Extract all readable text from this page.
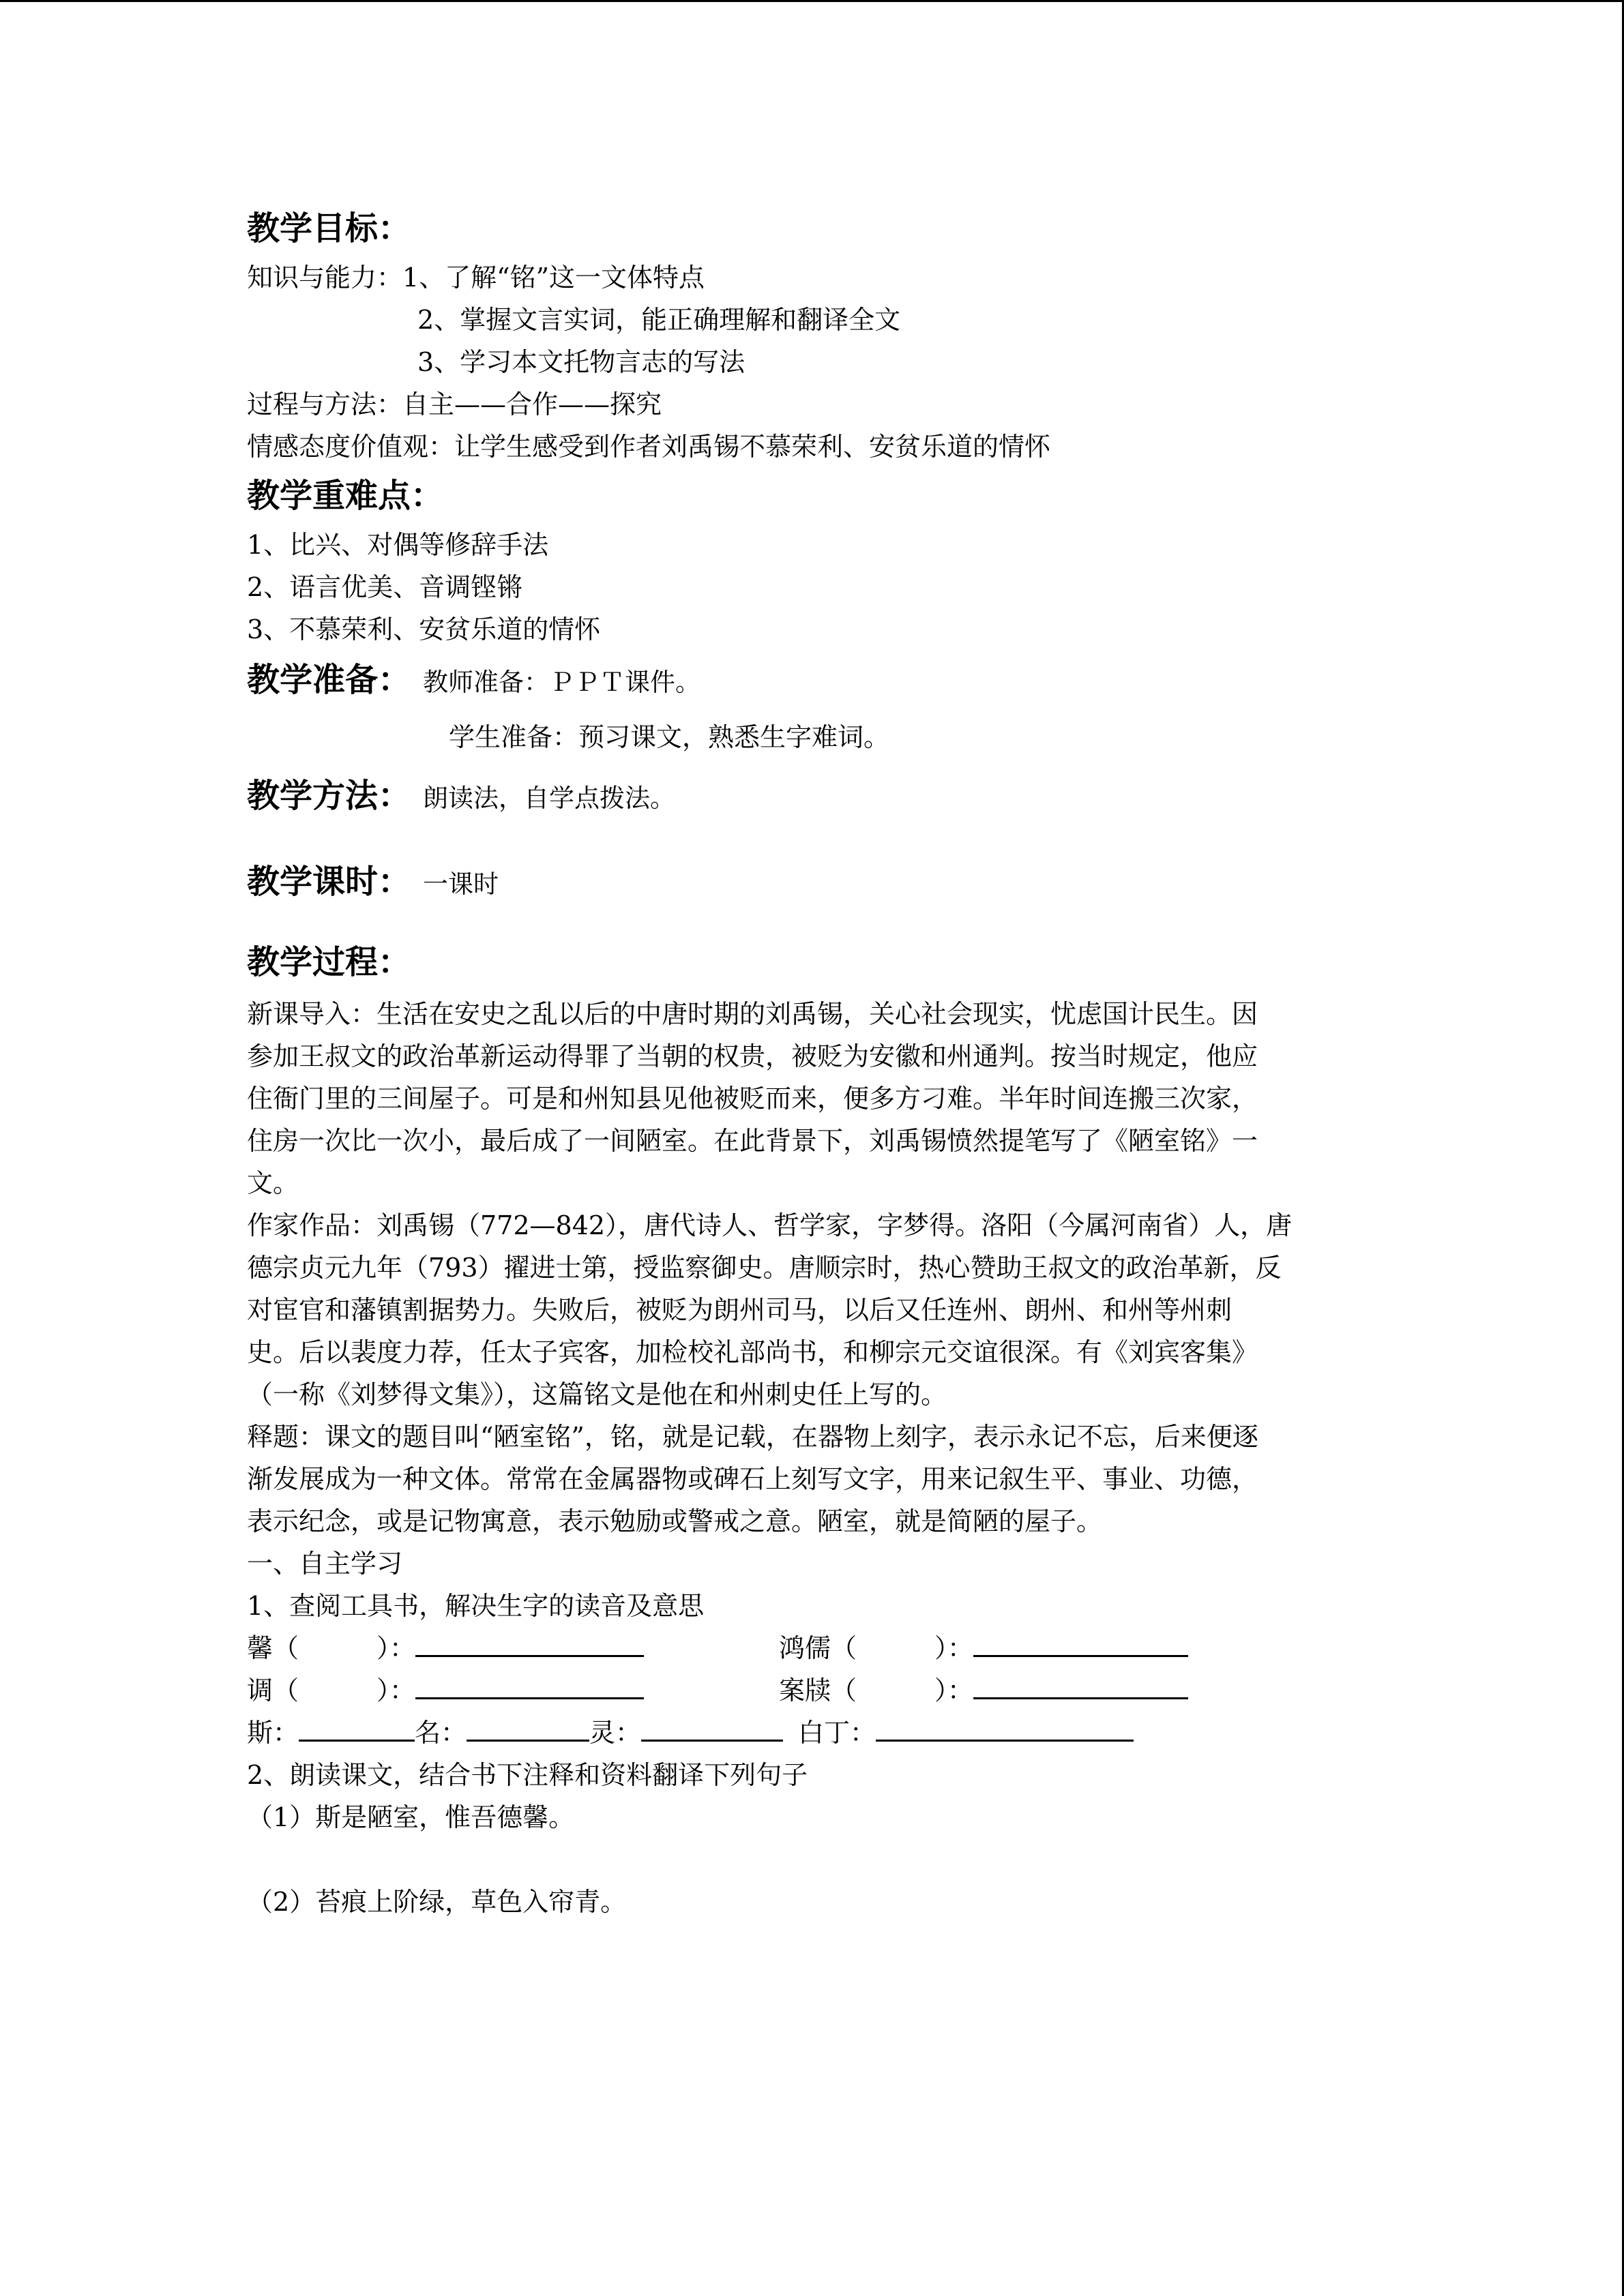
教学目标：

知识与能力：1、了解“铭”这一文体特点

2、掌握文言实词，能正确理解和翻译全文

3、学习本文托物言志的写法

过程与方法：自主——合作——探究

情感态度价值观：让学生感受到作者刘禹锡不慕荣利、安贫乐道的情怀

教学重难点：

1、比兴、对偶等修辞手法

2、语言优美、音调铿锵

3、不慕荣利、安贫乐道的情怀

教学准备： 教师准备：ＰＰＴ课件。

学生准备：预习课文，熟悉生字难词。

教学方法： 朗读法，自学点拨法。

教学课时： 一课时

教学过程：

新课导入：生活在安史之乱以后的中唐时期的刘禹锡，关心社会现实，忧虑国计民生。因

参加王叔文的政治革新运动得罪了当朝的权贵，被贬为安徽和州通判。按当时规定，他应

住衙门里的三间屋子。可是和州知县见他被贬而来，便多方刁难。半年时间连搬三次家，

住房一次比一次小，最后成了一间陋室。在此背景下，刘禹锡愤然提笔写了《陋室铭》一

文。

作家作品：刘禹锡（772—842），唐代诗人、哲学家，字梦得。洛阳（今属河南省）人，唐

德宗贞元九年（793）擢进士第，授监察御史。唐顺宗时，热心赞助王叔文的政治革新，反

对宦官和藩镇割据势力。失败后，被贬为朗州司马，以后又任连州、朗州、和州等州刺

史。后以裴度力荐，任太子宾客，加检校礼部尚书，和柳宗元交谊很深。有《刘宾客集》

（一称《刘梦得文集》），这篇铭文是他在和州刺史任上写的。

释题：课文的题目叫“陋室铭”，铭，就是记载，在器物上刻字，表示永记不忘，后来便逐

渐发展成为一种文体。常常在金属器物或碑石上刻写文字，用来记叙生平、事业、功德，

表示纪念，或是记物寓意，表示勉励或警戒之意。陋室，就是简陋的屋子。

一、自主学习

1、查阅工具书，解决生字的读音及意思

馨（　　　）：	鸿儒（　　　）：
调（　　　）：	案牍（　　　）：
斯：	名：	灵：	白丁：

2、朗读课文，结合书下注释和资料翻译下列句子

（1）斯是陋室，惟吾德馨。

（2）苔痕上阶绿，草色入帘青。
